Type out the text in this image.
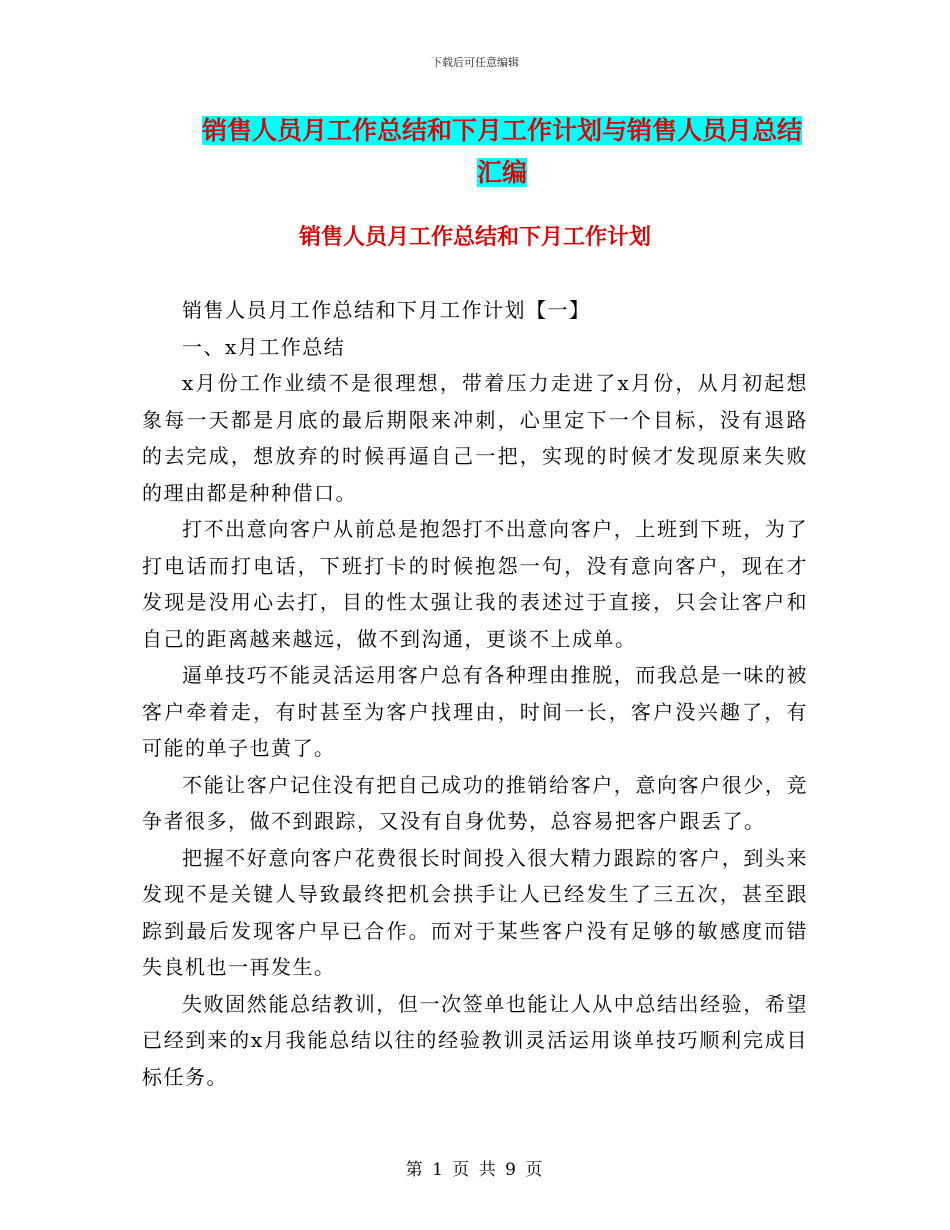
下载后可任意编辑
销售人员月工作总结和下月工作计划与销售人员月总结汇编
销售人员月工作总结和下月工作计划

销售人员月工作总结和下月工作计划【一】

一、x月工作总结

x月份工作业绩不是很理想，带着压力走进了x月份，从月初起想象每一天都是月底的最后期限来冲刺，心里定下一个目标，没有退路的去完成，想放弃的时候再逼自己一把，实现的时候才发现原来失败的理由都是种种借口。

打不出意向客户从前总是抱怨打不出意向客户，上班到下班，为了打电话而打电话，下班打卡的时候抱怨一句，没有意向客户，现在才发现是没用心去打，目的性太强让我的表述过于直接，只会让客户和自己的距离越来越远，做不到沟通，更谈不上成单。

逼单技巧不能灵活运用客户总有各种理由推脱，而我总是一味的被客户牵着走，有时甚至为客户找理由，时间一长，客户没兴趣了，有可能的单子也黄了。

不能让客户记住没有把自己成功的推销给客户，意向客户很少，竞争者很多，做不到跟踪，又没有自身优势，总容易把客户跟丢了。

把握不好意向客户花费很长时间投入很大精力跟踪的客户，到头来发现不是关键人导致最终把机会拱手让人已经发生了三五次，甚至跟踪到最后发现客户早已合作。而对于某些客户没有足够的敏感度而错失良机也一再发生。

失败固然能总结教训，但一次签单也能让人从中总结出经验，希望已经到来的x月我能总结以往的经验教训灵活运用谈单技巧顺利完成目标任务。

第 1 页 共 9 页
